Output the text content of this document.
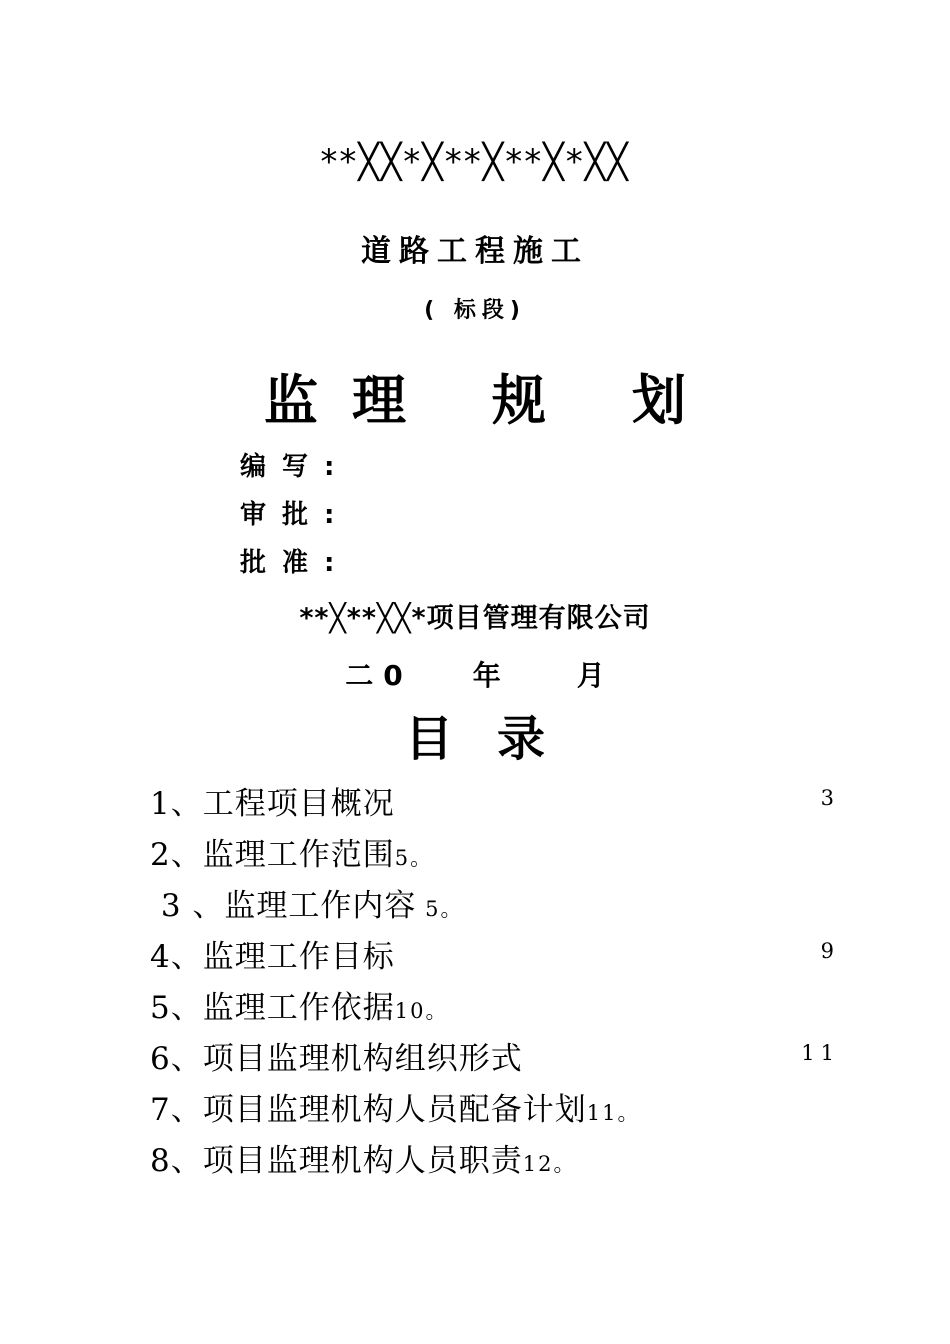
**╳╳*╳**╳**╳*╳╳
道路工程施工
( 标段)
监 理 规 划
编写:
审批:
批准:
**╳**╳╳*项目管理有限公司
二0 年	月
目 录
1、工程项目概况	3
2、监理工作范围5。
3 、监理工作内容 5。
4、监理工作目标	9
5、监理工作依据10。
6、项目监理机构组织形式	11
7、项目监理机构人员配备计划11。
8、项目监理机构人员职责12。
